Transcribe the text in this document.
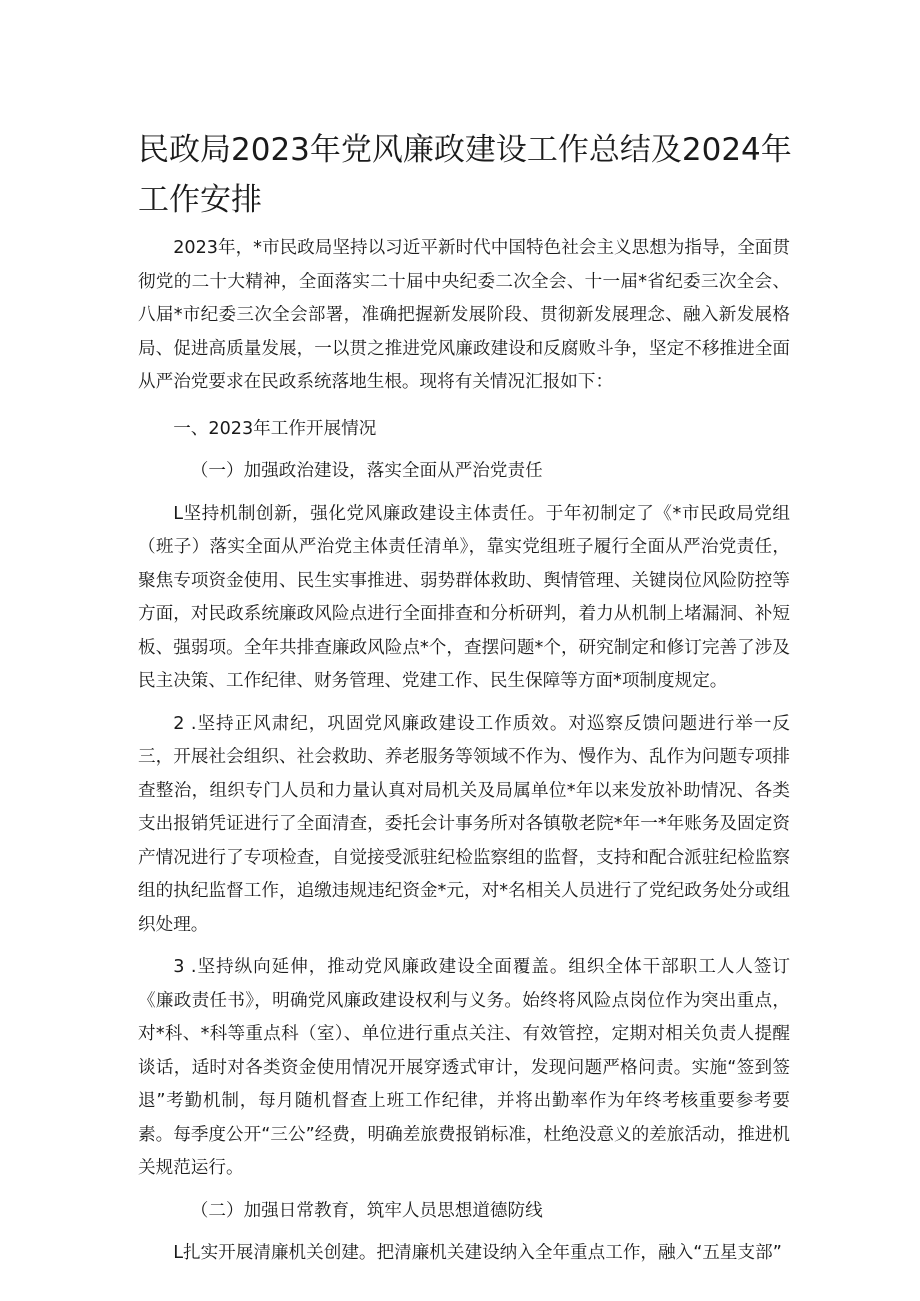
民政局2023年党风廉政建设工作总结及2024年工作安排

2023年，*市民政局坚持以习近平新时代中国特色社会主义思想为指导，全面贯彻党的二十大精神，全面落实二十届中央纪委二次全会、十一届*省纪委三次全会、八届*市纪委三次全会部署，准确把握新发展阶段、贯彻新发展理念、融入新发展格局、促进高质量发展，一以贯之推进党风廉政建设和反腐败斗争，坚定不移推进全面从严治党要求在民政系统落地生根。现将有关情况汇报如下：

一、2023年工作开展情况

（一）加强政治建设，落实全面从严治党责任

L坚持机制创新，强化党风廉政建设主体责任。于年初制定了《*市民政局党组（班子）落实全面从严治党主体责任清单》，靠实党组班子履行全面从严治党责任，聚焦专项资金使用、民生实事推进、弱势群体救助、舆情管理、关键岗位风险防控等方面，对民政系统廉政风险点进行全面排查和分析研判，着力从机制上堵漏洞、补短板、强弱项。全年共排查廉政风险点*个，查摆问题*个，研究制定和修订完善了涉及民主决策、工作纪律、财务管理、党建工作、民生保障等方面*项制度规定。

2 .坚持正风肃纪，巩固党风廉政建设工作质效。对巡察反馈问题进行举一反三，开展社会组织、社会救助、养老服务等领域不作为、慢作为、乱作为问题专项排查整治，组织专门人员和力量认真对局机关及局属单位*年以来发放补助情况、各类支出报销凭证进行了全面清查，委托会计事务所对各镇敬老院*年一*年账务及固定资产情况进行了专项检查，自觉接受派驻纪检监察组的监督，支持和配合派驻纪检监察组的执纪监督工作，追缴违规违纪资金*元，对*名相关人员进行了党纪政务处分或组织处理。

3 .坚持纵向延伸，推动党风廉政建设全面覆盖。组织全体干部职工人人签订《廉政责任书》，明确党风廉政建设权利与义务。始终将风险点岗位作为突出重点，对*科、*科等重点科（室）、单位进行重点关注、有效管控，定期对相关负责人提醒谈话，适时对各类资金使用情况开展穿透式审计，发现问题严格问责。实施“签到签退”考勤机制，每月随机督查上班工作纪律，并将出勤率作为年终考核重要参考要素。每季度公开“三公”经费，明确差旅费报销标准，杜绝没意义的差旅活动，推进机关规范运行。

（二）加强日常教育，筑牢人员思想道德防线

L扎实开展清廉机关创建。把清廉机关建设纳入全年重点工作，融入“五星支部”
